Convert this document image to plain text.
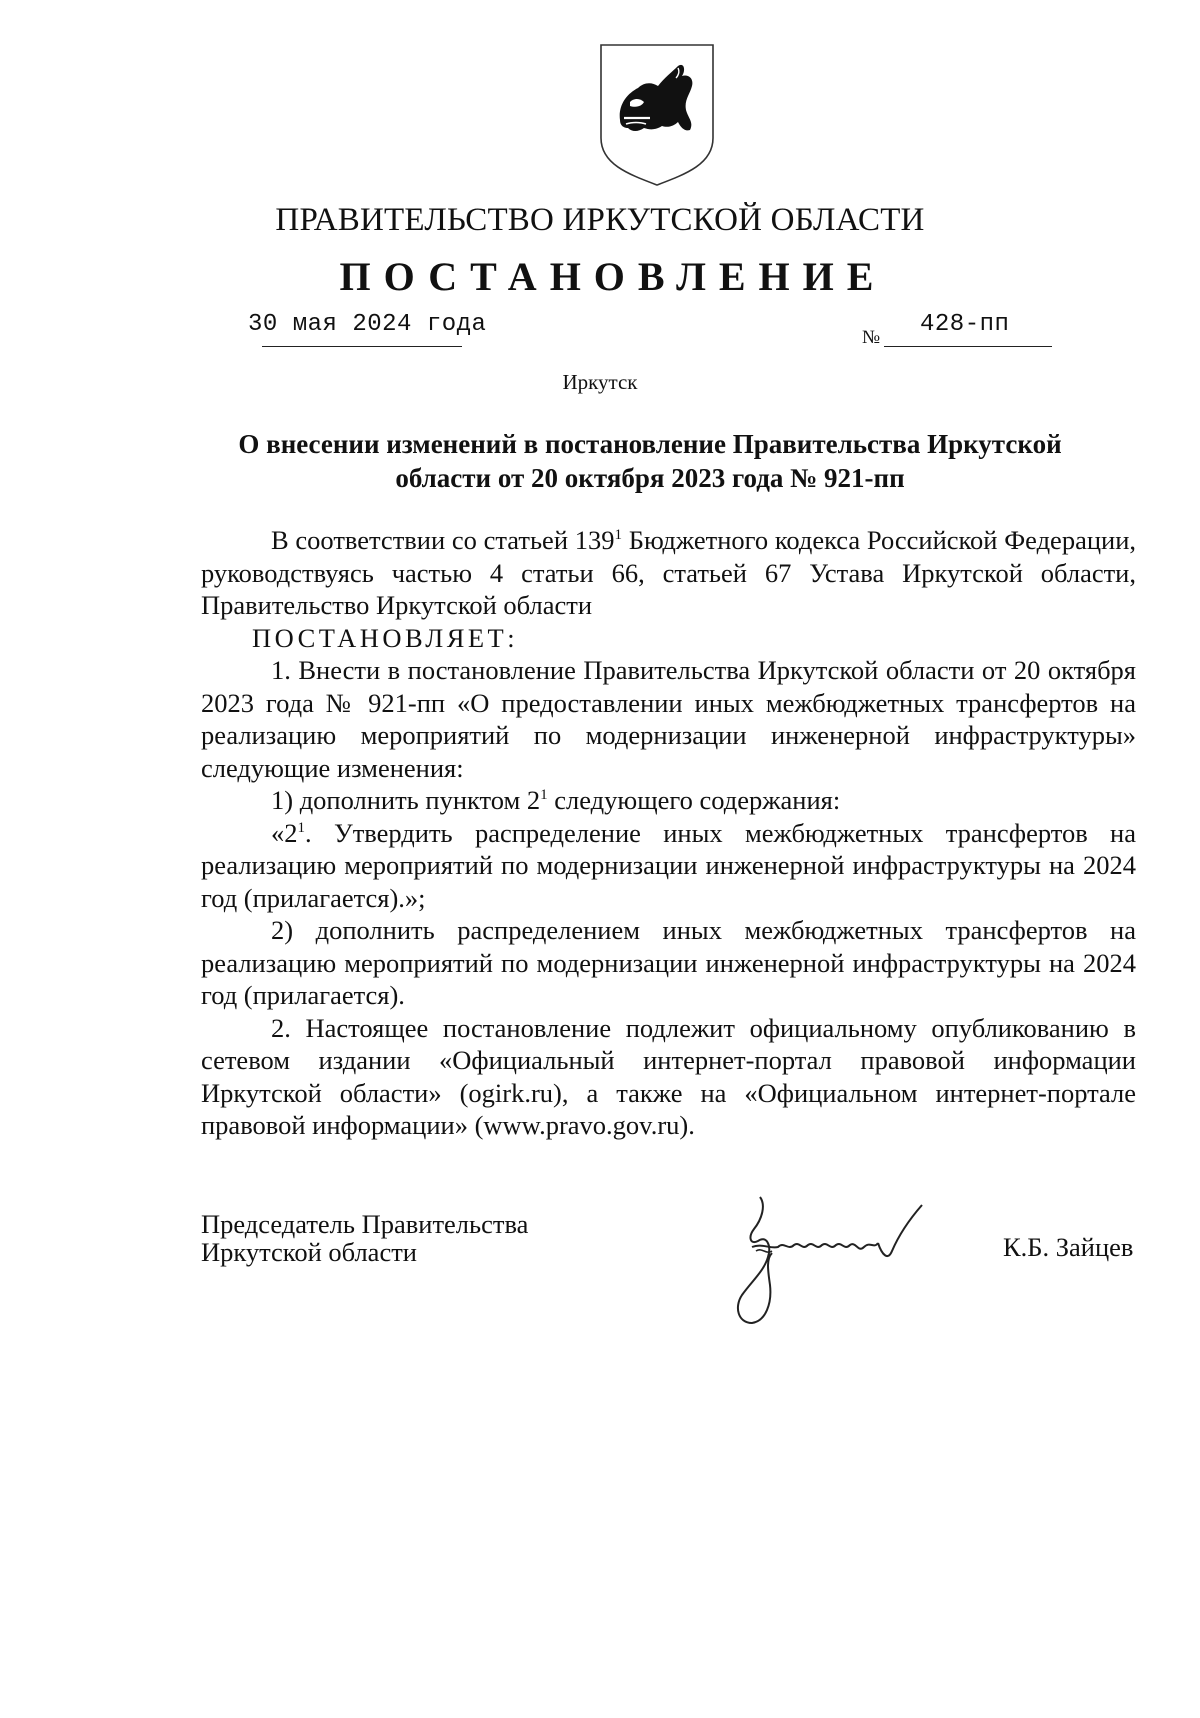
ПРАВИТЕЛЬСТВО ИРКУТСКОЙ ОБЛАСТИ
ПОСТАНОВЛЕНИЕ
30 мая 2024 года	№ 428-пп
Иркутск
О внесении изменений в постановление Правительства Иркутской
области от 20 октября 2023 года № 921-пп

В соответствии со статьей $139^1$ Бюджетного кодекса Российской Федерации, руководствуясь частью 4 статьи 66, статьей 67 Устава Иркутской области, Правительство Иркутской области

ПОСТАНОВЛЯЕТ:

1. Внести в постановление Правительства Иркутской области от 20 октября 2023 года № 921-пп «О предоставлении иных межбюджетных трансфертов на реализацию мероприятий по модернизации инженерной инфраструктуры» следующие изменения:

1) дополнить пунктом $2^1$ следующего содержания:

«$2^1$. Утвердить распределение иных межбюджетных трансфертов на реализацию мероприятий по модернизации инженерной инфраструктуры на 2024 год (прилагается).»;

2) дополнить распределением иных межбюджетных трансфертов на реализацию мероприятий по модернизации инженерной инфраструктуры на 2024 год (прилагается).

2. Настоящее постановление подлежит официальному опубликованию в сетевом издании «Официальный интернет-портал правовой информации Иркутской области» (ogirk.ru), а также на «Официальном интернет-портале правовой информации» (www.pravo.gov.ru).

Председатель Правительства
Иркутской области	К.Б. Зайцев
